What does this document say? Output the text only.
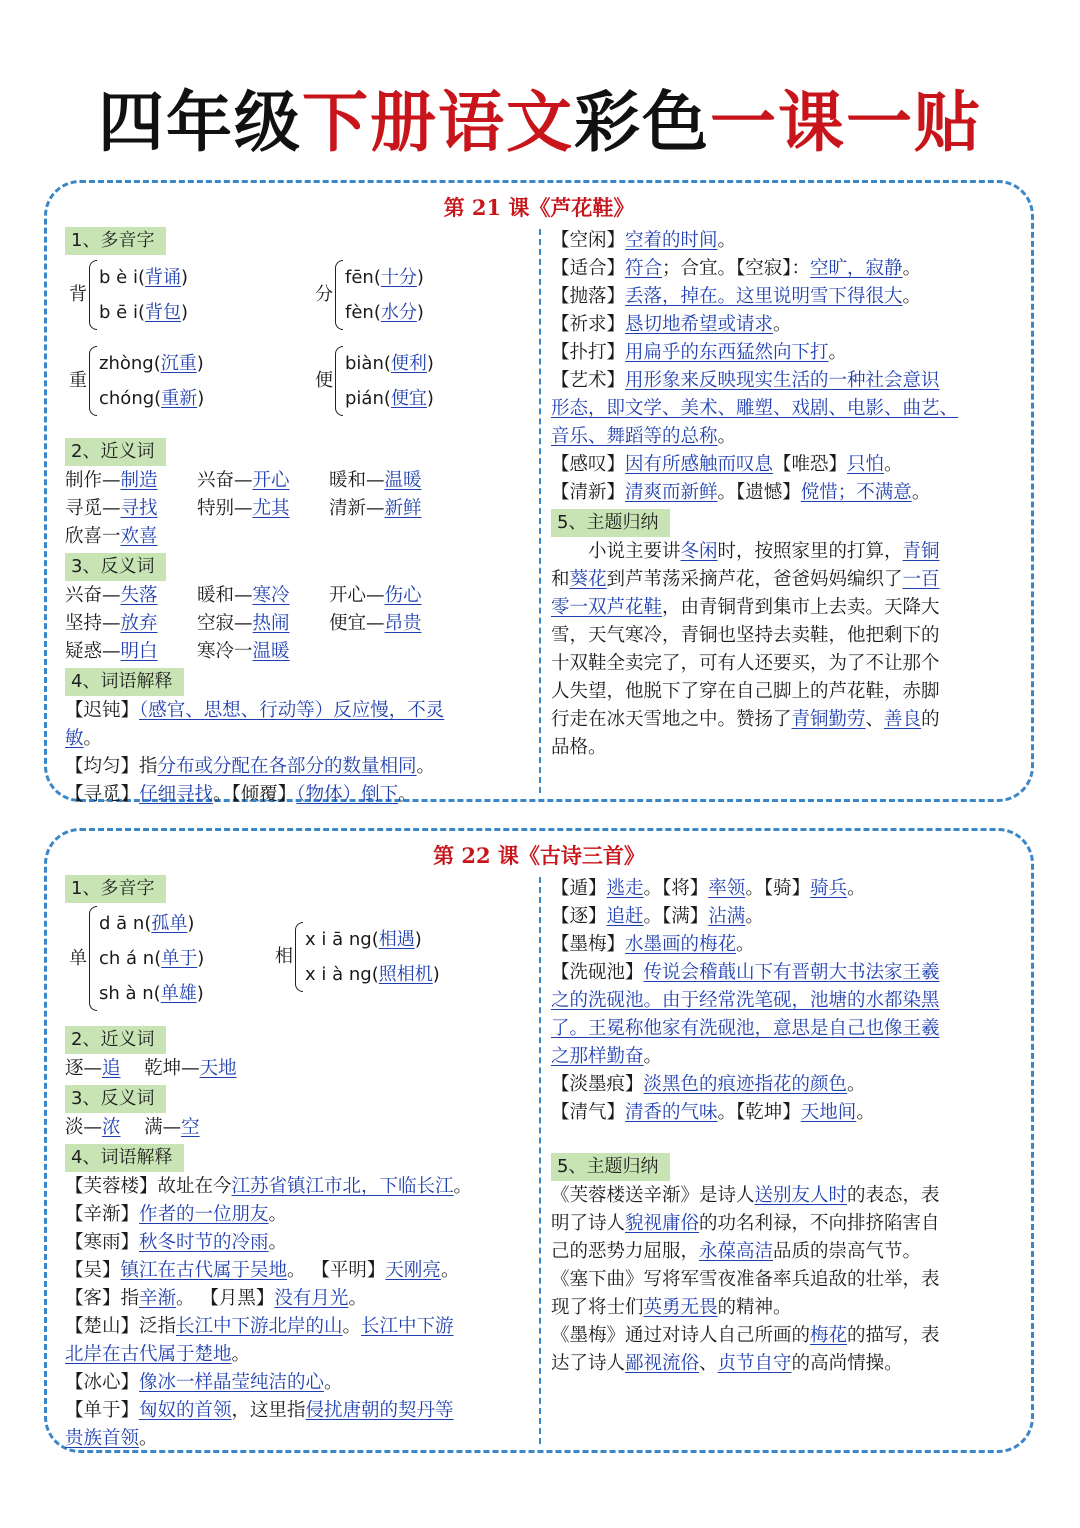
四年级下册语文彩色一课一贴
第 21 课《芦花鞋》
1、多音字
背
b è i(背诵)
b ē i(背包)
分
fēn(十分)
fèn(水分)
重
zhòng(沉重)
chóng(重新)
便
biàn(便利)
pián(便宜)
2、近义词
制作—制造 兴奋—开心 暖和—温暖
寻觅—寻找 特别—尤其 清新—新鲜
欣喜一欢喜
3、反义词
兴奋—失落 暖和—寒冷 开心—伤心
坚持—放弃 空寂—热闹 便宜—昂贵
疑惑—明白 寒冷一温暖
4、词语解释
【迟钝】（感官、思想、行动等）反应慢，不灵
敏。
【均匀】指分布或分配在各部分的数量相同。
【寻觅】仔细寻找。【倾覆】（物体）倒下。
【空闲】空着的时间。
【适合】符合；合宜。【空寂】：空旷，寂静。
【抛落】丢落，掉在。这里说明雪下得很大。
【祈求】恳切地希望或请求。
【扑打】用扁乎的东西猛然向下打。
【艺术】用形象来反映现实生活的一种社会意识
形态，即文学、美术、雕塑、戏剧、电影、曲艺、
音乐、舞蹈等的总称。
【感叹】因有所感触而叹息【唯恐】只怕。
【清新】清爽而新鲜。【遗憾】傥惜；不满意。
5、主题归纳
小说主要讲冬闲时，按照家里的打算，青铜
和葵花到芦苇荡采摘芦花，爸爸妈妈编织了一百
零一双芦花鞋，由青铜背到集市上去卖。天降大
雪，天气寒冷，青铜也坚持去卖鞋，他把剩下的
十双鞋全卖完了，可有人还要买，为了不让那个
人失望，他脱下了穿在自己脚上的芦花鞋，赤脚
行走在冰天雪地之中。赞扬了青铜勤劳、善良的
品格。
第 22 课《古诗三首》
1、多音字
单
d ā n(孤单)
ch á n(单于)
sh à n(单雄)
相
x i ā ng(相遇)
x i à ng(照相机)
2、近义词
逐—追 乾坤—天地
3、反义词
淡—浓 满—空
4、词语解释
【芙蓉楼】故址在今江苏省镇江市北，下临长江。
【辛渐】作者的一位朋友。
【寒雨】秋冬时节的冷雨。
【吴】镇江在古代属于吴地。 【平明】天刚亮。
【客】指辛渐。 【月黑】没有月光。
【楚山】泛指长江中下游北岸的山。长江中下游
北岸在古代属于楚地。
【冰心】像冰一样晶莹纯洁的心。
【单于】匈奴的首领，这里指侵扰唐朝的契丹等
贵族首领。
【遁】逃走。【将】率领。【骑】骑兵。
【逐】追赶。【满】沾满。
【墨梅】水墨画的梅花。
【洗砚池】传说会稽蕺山下有晋朝大书法家王羲
之的洗砚池。由于经常洗笔砚，池塘的水都染黑
了。王冕称他家有洗砚池，意思是自己也像王羲
之那样勤奋。
【淡墨痕】淡黑色的痕迹指花的颜色。
【清气】清香的气味。【乾坤】天地间。
5、主题归纳
《芙蓉楼送辛渐》是诗人送别友人时的表态，表
明了诗人貌视庸俗的功名利禄，不向排挤陷害自
己的恶势力屈服，永葆高洁品质的崇高气节。
《塞下曲》写将军雪夜准备率兵追敌的壮举，表
现了将士们英勇无畏的精神。
《墨梅》通过对诗人自己所画的梅花的描写，表
达了诗人鄙视流俗、贞节自守的高尚情操。
